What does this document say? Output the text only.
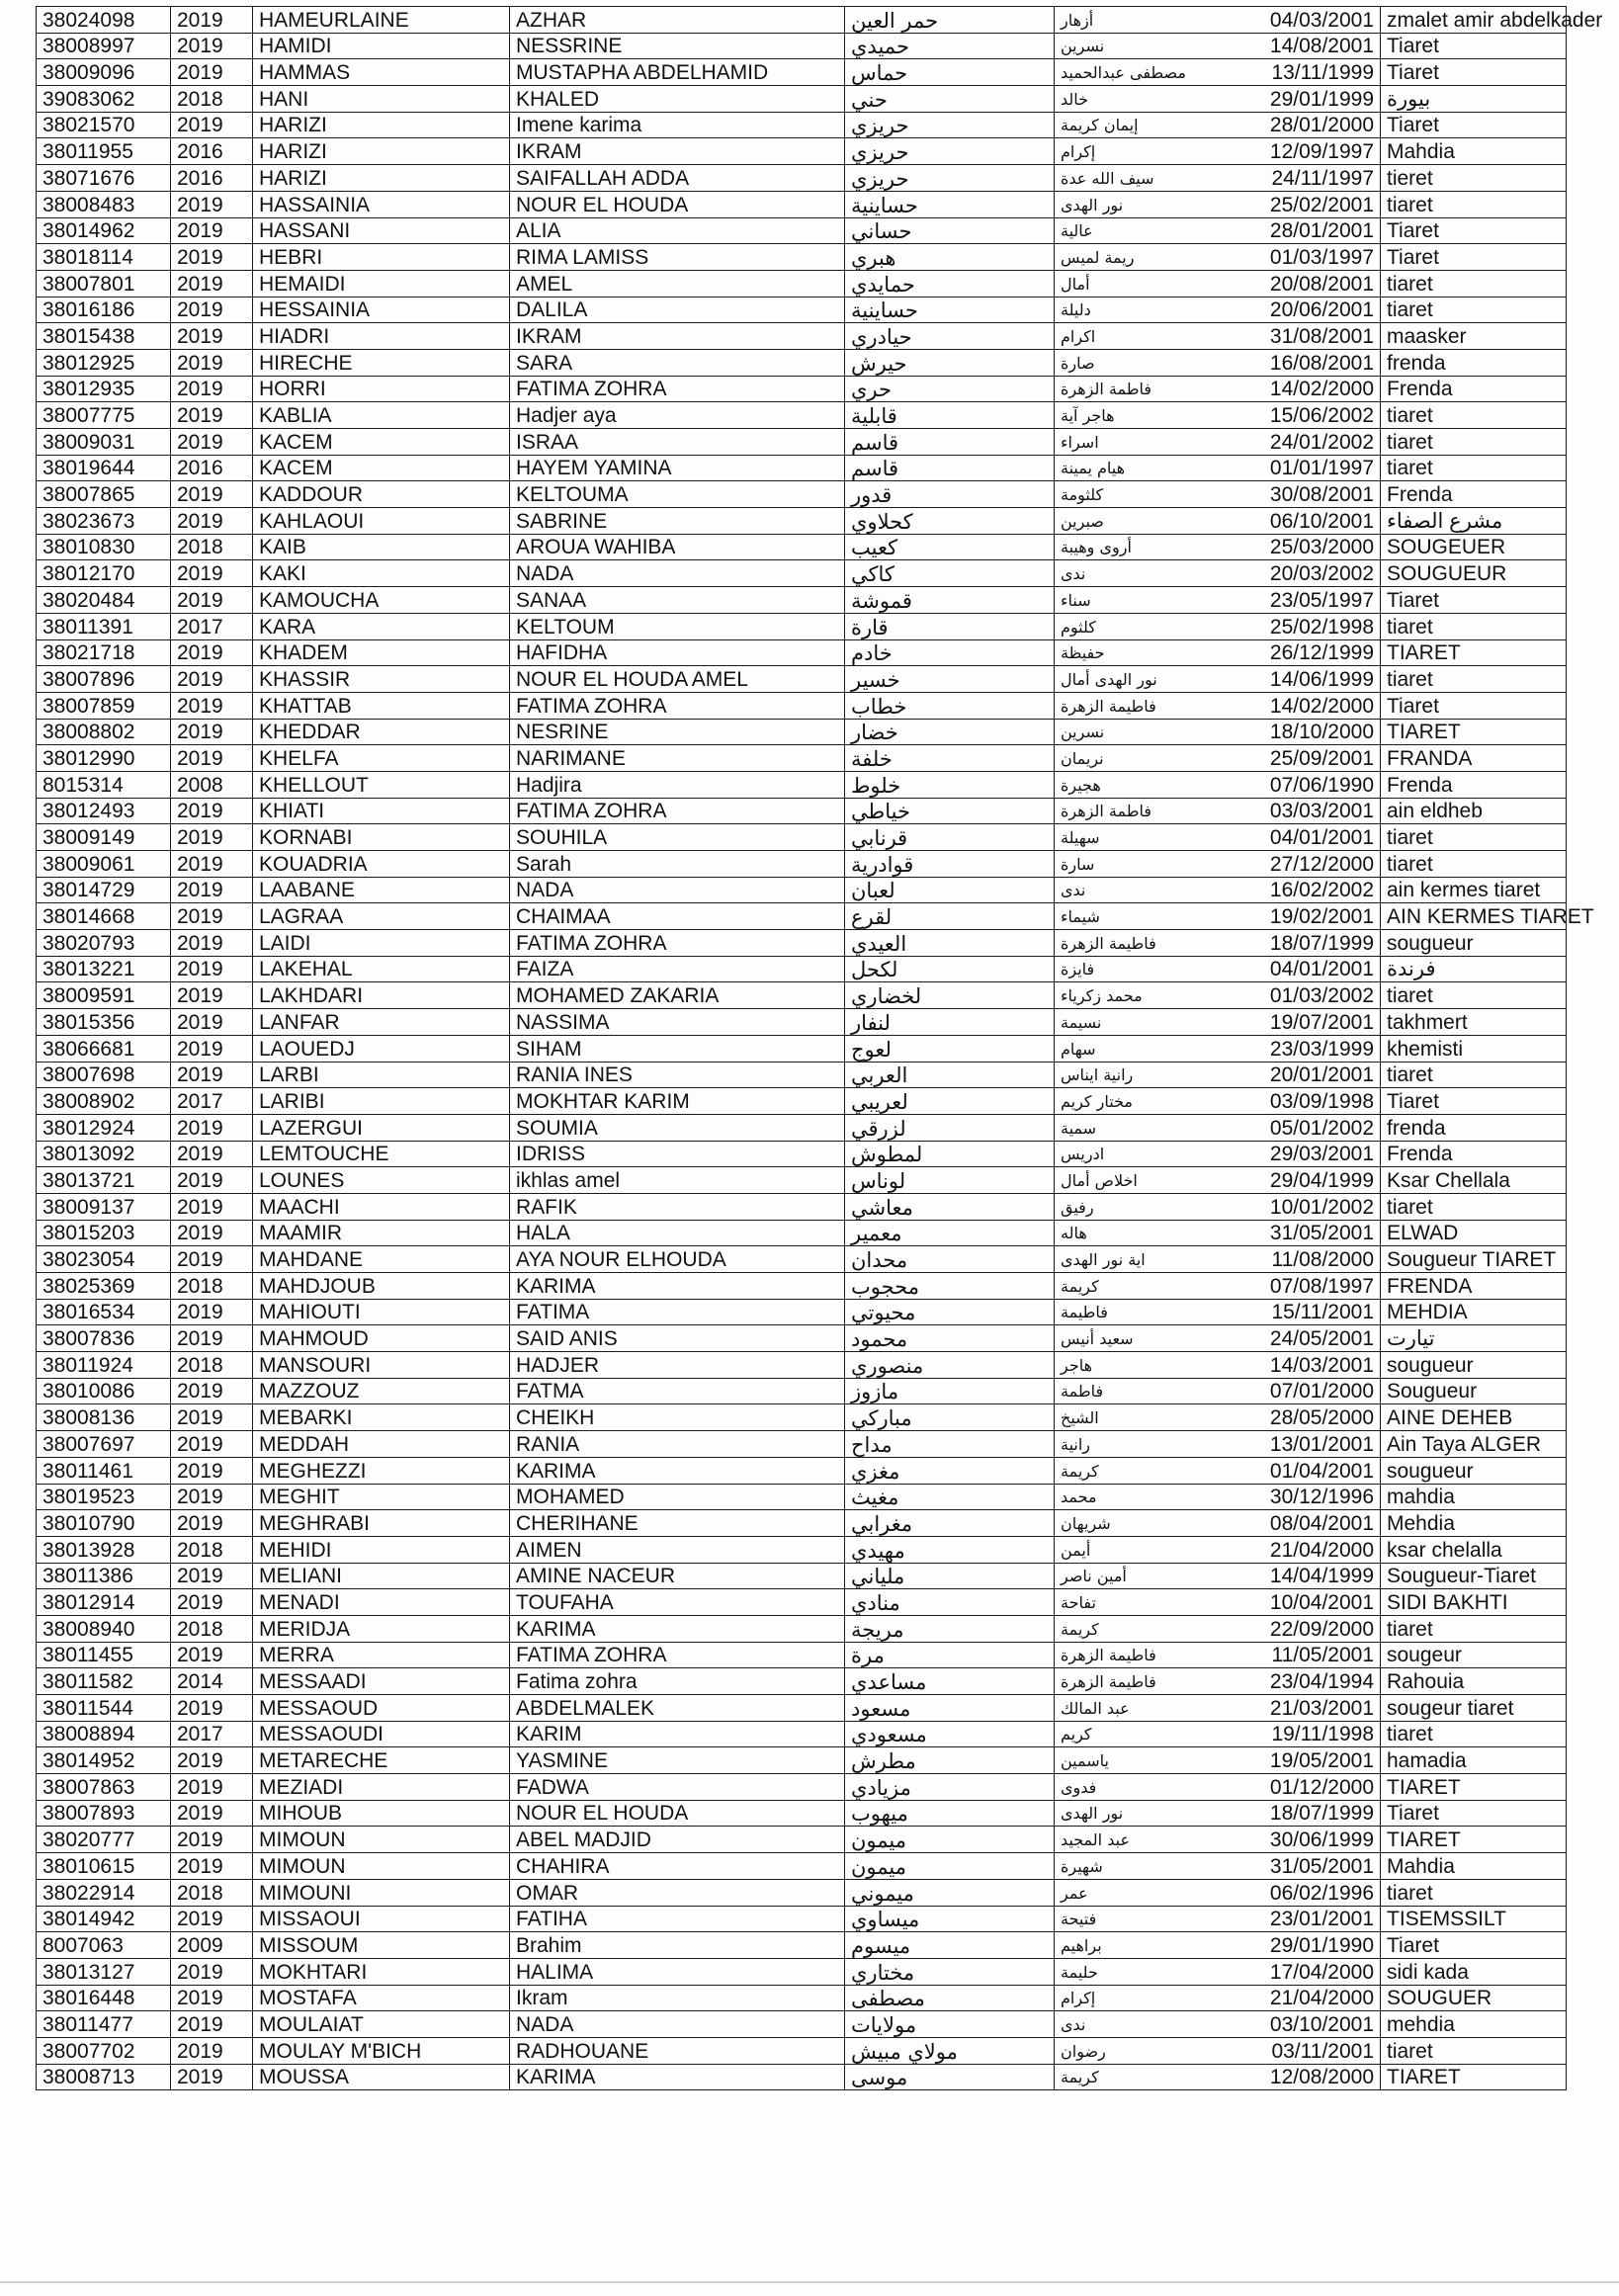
38024098	2019	HAMEURLAINE	AZHAR	حمر العين	أزهار 04/03/2001	zmalet amir abdelkader
38008997	2019	HAMIDI	NESSRINE	حميدي	نسرين 14/08/2001	Tiaret
38009096	2019	HAMMAS	MUSTAPHA ABDELHAMID	حماس	مصطفى عبدالحميد 13/11/1999	Tiaret
39083062	2018	HANI	KHALED	حني	خالد 29/01/1999	بيورة
38021570	2019	HARIZI	Imene karima	حريزي	إيمان كريمة 28/01/2000	Tiaret
38011955	2016	HARIZI	IKRAM	حريزي	إكرام 12/09/1997	Mahdia
38071676	2016	HARIZI	SAIFALLAH ADDA	حريزي	سيف الله عدة 24/11/1997	tieret
38008483	2019	HASSAINIA	NOUR EL HOUDA	حساينية	نور الهدى 25/02/2001	tiaret
38014962	2019	HASSANI	ALIA	حساني	عالية 28/01/2001	Tiaret
38018114	2019	HEBRI	RIMA LAMISS	هبري	ريمة لميس 01/03/1997	Tiaret
38007801	2019	HEMAIDI	AMEL	حمايدي	أمال 20/08/2001	tiaret
38016186	2019	HESSAINIA	DALILA	حساينية	دليلة 20/06/2001	tiaret
38015438	2019	HIADRI	IKRAM	حيادري	اكرام 31/08/2001	maasker
38012925	2019	HIRECHE	SARA	حيرش	صارة 16/08/2001	frenda
38012935	2019	HORRI	FATIMA ZOHRA	حري	فاطمة الزهرة 14/02/2000	Frenda
38007775	2019	KABLIA	Hadjer aya	قابلية	هاجر آية 15/06/2002	tiaret
38009031	2019	KACEM	ISRAA	قاسم	اسراء 24/01/2002	tiaret
38019644	2016	KACEM	HAYEM YAMINA	قاسم	هيام يمينة 01/01/1997	tiaret
38007865	2019	KADDOUR	KELTOUMA	قدور	كلثومة 30/08/2001	Frenda
38023673	2019	KAHLAOUI	SABRINE	كحلاوي	صبرين 06/10/2001	مشرع الصفاء
38010830	2018	KAIB	AROUA WAHIBA	كعيب	أروى وهيبة 25/03/2000	SOUGEUER
38012170	2019	KAKI	NADA	كاكي	ندى 20/03/2002	SOUGUEUR
38020484	2019	KAMOUCHA	SANAA	قموشة	سناء 23/05/1997	Tiaret
38011391	2017	KARA	KELTOUM	قارة	كلثوم 25/02/1998	tiaret
38021718	2019	KHADEM	HAFIDHA	خادم	حفيظة 26/12/1999	TIARET
38007896	2019	KHASSIR	NOUR EL HOUDA AMEL	خسير	نور الهدى أمال 14/06/1999	tiaret
38007859	2019	KHATTAB	FATIMA ZOHRA	خطاب	فاطيمة الزهرة 14/02/2000	Tiaret
38008802	2019	KHEDDAR	NESRINE	خضار	نسرين 18/10/2000	TIARET
38012990	2019	KHELFA	NARIMANE	خلفة	نريمان 25/09/2001	FRANDA
8015314	2008	KHELLOUT	Hadjira	خلوط	هجيرة 07/06/1990	Frenda
38012493	2019	KHIATI	FATIMA ZOHRA	خياطي	فاطمة الزهرة 03/03/2001	ain eldheb
38009149	2019	KORNABI	SOUHILA	قرنابي	سهيلة 04/01/2001	tiaret
38009061	2019	KOUADRIA	Sarah	قوادرية	سارة 27/12/2000	tiaret
38014729	2019	LAABANE	NADA	لعبان	ندى 16/02/2002	ain kermes tiaret
38014668	2019	LAGRAA	CHAIMAA	لقرع	شيماء 19/02/2001	AIN KERMES TIARET
38020793	2019	LAIDI	FATIMA ZOHRA	العيدي	فاطيمة الزهرة 18/07/1999	sougueur
38013221	2019	LAKEHAL	FAIZA	لكحل	فايزة 04/01/2001	فرندة
38009591	2019	LAKHDARI	MOHAMED ZAKARIA	لخضاري	محمد زكرياء 01/03/2002	tiaret
38015356	2019	LANFAR	NASSIMA	لنفار	نسيمة 19/07/2001	takhmert
38066681	2019	LAOUEDJ	SIHAM	لعوج	سهام 23/03/1999	khemisti
38007698	2019	LARBI	RANIA INES	العربي	رانية ايناس 20/01/2001	tiaret
38008902	2017	LARIBI	MOKHTAR KARIM	لعريبي	مختار كريم 03/09/1998	Tiaret
38012924	2019	LAZERGUI	SOUMIA	لزرقي	سمية 05/01/2002	frenda
38013092	2019	LEMTOUCHE	IDRISS	لمطوش	ادريس 29/03/2001	Frenda
38013721	2019	LOUNES	ikhlas amel	لوناس	اخلاص أمال 29/04/1999	Ksar Chellala
38009137	2019	MAACHI	RAFIK	معاشي	رفيق 10/01/2002	tiaret
38015203	2019	MAAMIR	HALA	معمير	هاله 31/05/2001	ELWAD
38023054	2019	MAHDANE	AYA NOUR ELHOUDA	محدان	اية نور الهدى 11/08/2000	Sougueur TIARET
38025369	2018	MAHDJOUB	KARIMA	محجوب	كريمة 07/08/1997	FRENDA
38016534	2019	MAHIOUTI	FATIMA	محيوتي	فاطيمة 15/11/2001	MEHDIA
38007836	2019	MAHMOUD	SAID ANIS	محمود	سعيد أنيس 24/05/2001	تيارت
38011924	2018	MANSOURI	HADJER	منصوري	هاجر 14/03/2001	sougueur
38010086	2019	MAZZOUZ	FATMA	مازوز	فاطمة 07/01/2000	Sougueur
38008136	2019	MEBARKI	CHEIKH	مباركي	الشيخ 28/05/2000	AINE DEHEB
38007697	2019	MEDDAH	RANIA	مداح	رانية 13/01/2001	Ain Taya ALGER
38011461	2019	MEGHEZZI	KARIMA	مغزي	كريمة 01/04/2001	sougueur
38019523	2019	MEGHIT	MOHAMED	مغيث	محمد 30/12/1996	mahdia
38010790	2019	MEGHRABI	CHERIHANE	مغرابي	شريهان 08/04/2001	Mehdia
38013928	2018	MEHIDI	AIMEN	مهيدي	أيمن 21/04/2000	ksar chelalla
38011386	2019	MELIANI	AMINE NACEUR	ملياني	أمين ناصر 14/04/1999	Sougueur-Tiaret
38012914	2019	MENADI	TOUFAHA	منادي	تفاحة 10/04/2001	SIDI BAKHTI
38008940	2018	MERIDJA	KARIMA	مريجة	كريمة 22/09/2000	tiaret
38011455	2019	MERRA	FATIMA ZOHRA	مرة	فاطيمة الزهرة 11/05/2001	sougeur
38011582	2014	MESSAADI	Fatima zohra	مساعدي	فاطيمة الزهرة 23/04/1994	Rahouia
38011544	2019	MESSAOUD	ABDELMALEK	مسعود	عبد المالك 21/03/2001	sougeur tiaret
38008894	2017	MESSAOUDI	KARIM	مسعودي	كريم 19/11/1998	tiaret
38014952	2019	METARECHE	YASMINE	مطرش	ياسمين 19/05/2001	hamadia
38007863	2019	MEZIADI	FADWA	مزيادي	فدوى 01/12/2000	TIARET
38007893	2019	MIHOUB	NOUR EL HOUDA	ميهوب	نور الهدى 18/07/1999	Tiaret
38020777	2019	MIMOUN	ABEL MADJID	ميمون	عبد المجيد 30/06/1999	TIARET
38010615	2019	MIMOUN	CHAHIRA	ميمون	شهيرة 31/05/2001	Mahdia
38022914	2018	MIMOUNI	OMAR	ميموني	عمر 06/02/1996	tiaret
38014942	2019	MISSAOUI	FATIHA	ميساوي	فتيحة 23/01/2001	TISEMSSILT
8007063	2009	MISSOUM	Brahim	ميسوم	براهيم 29/01/1990	Tiaret
38013127	2019	MOKHTARI	HALIMA	مختاري	حليمة 17/04/2000	sidi kada
38016448	2019	MOSTAFA	Ikram	مصطفى	إكرام 21/04/2000	SOUGUER
38011477	2019	MOULAIAT	NADA	مولايات	ندى 03/10/2001	mehdia
38007702	2019	MOULAY M'BICH	RADHOUANE	مولاي مبيش	رضوان 03/11/2001	tiaret
38008713	2019	MOUSSA	KARIMA	موسى	كريمة 12/08/2000	TIARET
